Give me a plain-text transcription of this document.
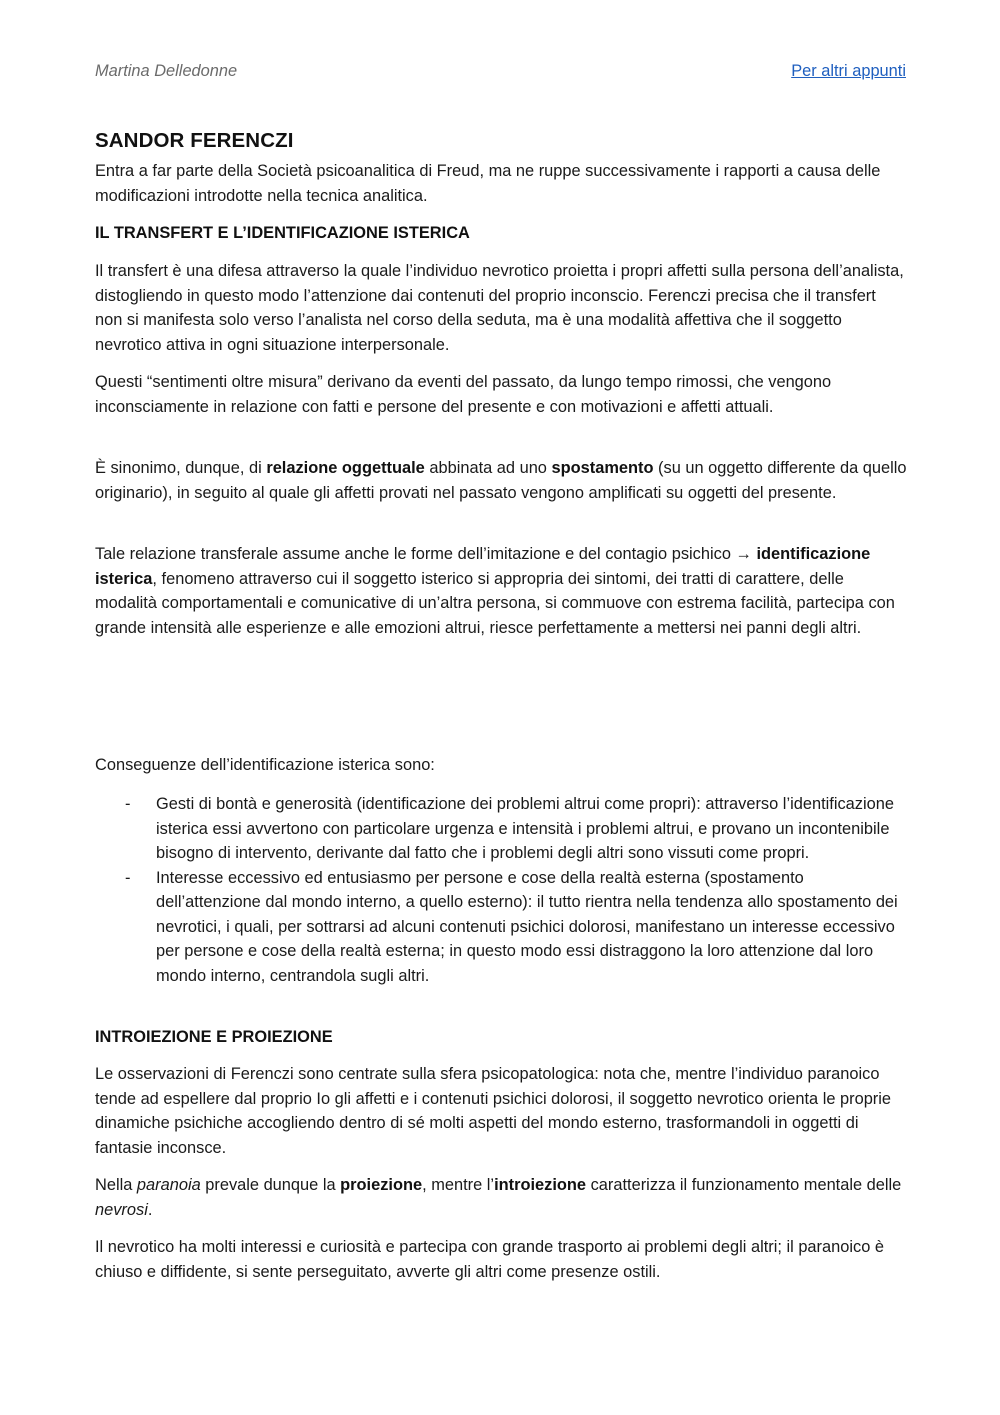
Martina Delledonne	Per altri appunti
SANDOR FERENCZI

Entra a far parte della Società psicoanalitica di Freud, ma ne ruppe successivamente i rapporti a causa delle modificazioni introdotte nella tecnica analitica.

IL TRANSFERT E L’IDENTIFICAZIONE ISTERICA

Il transfert è una difesa attraverso la quale l’individuo nevrotico proietta i propri affetti sulla persona dell’analista, distogliendo in questo modo l’attenzione dai contenuti del proprio inconscio. Ferenczi precisa che il transfert non si manifesta solo verso l’analista nel corso della seduta, ma è una modalità affettiva che il soggetto nevrotico attiva in ogni situazione interpersonale.

Questi “sentimenti oltre misura” derivano da eventi del passato, da lungo tempo rimossi, che vengono inconsciamente in relazione con fatti e persone del presente e con motivazioni e affetti attuali.

È sinonimo, dunque, di relazione oggettuale abbinata ad uno spostamento (su un oggetto differente da quello originario), in seguito al quale gli affetti provati nel passato vengono amplificati su oggetti del presente.

Tale relazione transferale assume anche le forme dell’imitazione e del contagio psichico → identificazione isterica, fenomeno attraverso cui il soggetto isterico si appropria dei sintomi, dei tratti di carattere, delle modalità comportamentali e comunicative di un’altra persona, si commuove con estrema facilità, partecipa con grande intensità alle esperienze e alle emozioni altrui, riesce perfettamente a mettersi nei panni degli altri.

Conseguenze dell’identificazione isterica sono:

- Gesti di bontà e generosità (identificazione dei problemi altrui come propri): attraverso l’identificazione isterica essi avvertono con particolare urgenza e intensità i problemi altrui, e provano un incontenibile bisogno di intervento, derivante dal fatto che i problemi degli altri sono vissuti come propri.
- Interesse eccessivo ed entusiasmo per persone e cose della realtà esterna (spostamento dell’attenzione dal mondo interno, a quello esterno): il tutto rientra nella tendenza allo spostamento dei nevrotici, i quali, per sottrarsi ad alcuni contenuti psichici dolorosi, manifestano un interesse eccessivo per persone e cose della realtà esterna; in questo modo essi distraggono la loro attenzione dal loro mondo interno, centrandola sugli altri.

INTROIEZIONE E PROIEZIONE

Le osservazioni di Ferenczi sono centrate sulla sfera psicopatologica: nota che, mentre l’individuo paranoico tende ad espellere dal proprio Io gli affetti e i contenuti psichici dolorosi, il soggetto nevrotico orienta le proprie dinamiche psichiche accogliendo dentro di sé molti aspetti del mondo esterno, trasformandoli in oggetti di fantasie inconsce.

Nella paranoia prevale dunque la proiezione, mentre l’introiezione caratterizza il funzionamento mentale delle nevrosi.

Il nevrotico ha molti interessi e curiosità e partecipa con grande trasporto ai problemi degli altri; il paranoico è chiuso e diffidente, si sente perseguitato, avverte gli altri come presenze ostili.
